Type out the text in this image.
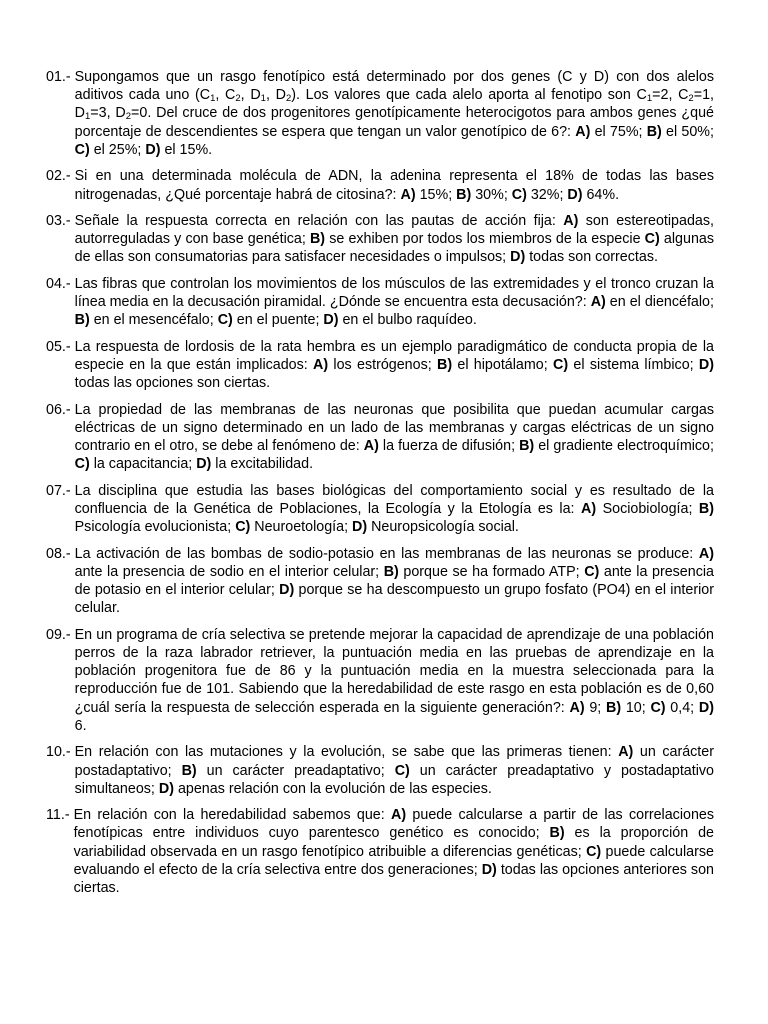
01.- Supongamos que un rasgo fenotípico está determinado por dos genes (C y D) con dos alelos aditivos cada uno ($C_1$, $C_2$, $D_1$, $D_2$). Los valores que cada alelo aporta al fenotipo son $C_1=2$, $C_2=1$, $D_1=3$, $D_2=0$. Del cruce de dos progenitores genotípicamente heterocigotos para ambos genes ¿qué porcentaje de descendientes se espera que tengan un valor genotípico de 6?: A) el 75%; B) el 50%; C) el 25%; D) el 15%.
02.- Si en una determinada molécula de ADN, la adenina representa el 18% de todas las bases nitrogenadas, ¿Qué porcentaje habrá de citosina?: A) 15%; B) 30%; C) 32%; D) 64%.
03.- Señale la respuesta correcta en relación con las pautas de acción fija: A) son estereotipadas, autorreguladas y con base genética; B) se exhiben por todos los miembros de la especie C) algunas de ellas son consumatorias para satisfacer necesidades o impulsos; D) todas son correctas.
04.- Las fibras que controlan los movimientos de los músculos de las extremidades y el tronco cruzan la línea media en la decusación piramidal. ¿Dónde se encuentra esta decusación?: A) en el diencéfalo; B) en el mesencéfalo; C) en el puente; D) en el bulbo raquídeo.
05.- La respuesta de lordosis de la rata hembra es un ejemplo paradigmático de conducta propia de la especie en la que están implicados: A) los estrógenos; B) el hipotálamo; C) el sistema límbico; D) todas las opciones son ciertas.
06.- La propiedad de las membranas de las neuronas que posibilita que puedan acumular cargas eléctricas de un signo determinado en un lado de las membranas y cargas eléctricas de un signo contrario en el otro, se debe al fenómeno de: A) la fuerza de difusión; B) el gradiente electroquímico; C) la capacitancia; D) la excitabilidad.
07.- La disciplina que estudia las bases biológicas del comportamiento social y es resultado de la confluencia de la Genética de Poblaciones, la Ecología y la Etología es la: A) Sociobiología; B) Psicología evolucionista; C) Neuroetología; D) Neuropsicología social.
08.- La activación de las bombas de sodio-potasio en las membranas de las neuronas se produce: A) ante la presencia de sodio en el interior celular; B) porque se ha formado ATP; C) ante la presencia de potasio en el interior celular; D) porque se ha descompuesto un grupo fosfato (PO4) en el interior celular.
09.- En un programa de cría selectiva se pretende mejorar la capacidad de aprendizaje de una población perros de la raza labrador retriever, la puntuación media en las pruebas de aprendizaje en la población progenitora fue de 86 y la puntuación media en la muestra seleccionada para la reproducción fue de 101. Sabiendo que la heredabilidad de este rasgo en esta población es de 0,60 ¿cuál sería la respuesta de selección esperada en la siguiente generación?: A) 9; B) 10; C) 0,4; D) 6.
10.- En relación con las mutaciones y la evolución, se sabe que las primeras tienen: A) un carácter postadaptativo; B) un carácter preadaptativo; C) un carácter preadaptativo y postadaptativo simultaneos; D) apenas relación con la evolución de las especies.
11.- En relación con la heredabilidad sabemos que: A) puede calcularse a partir de las correlaciones fenotípicas entre individuos cuyo parentesco genético es conocido; B) es la proporción de variabilidad observada en un rasgo fenotípico atribuible a diferencias genéticas; C) puede calcularse evaluando el efecto de la cría selectiva entre dos generaciones; D) todas las opciones anteriores son ciertas.
